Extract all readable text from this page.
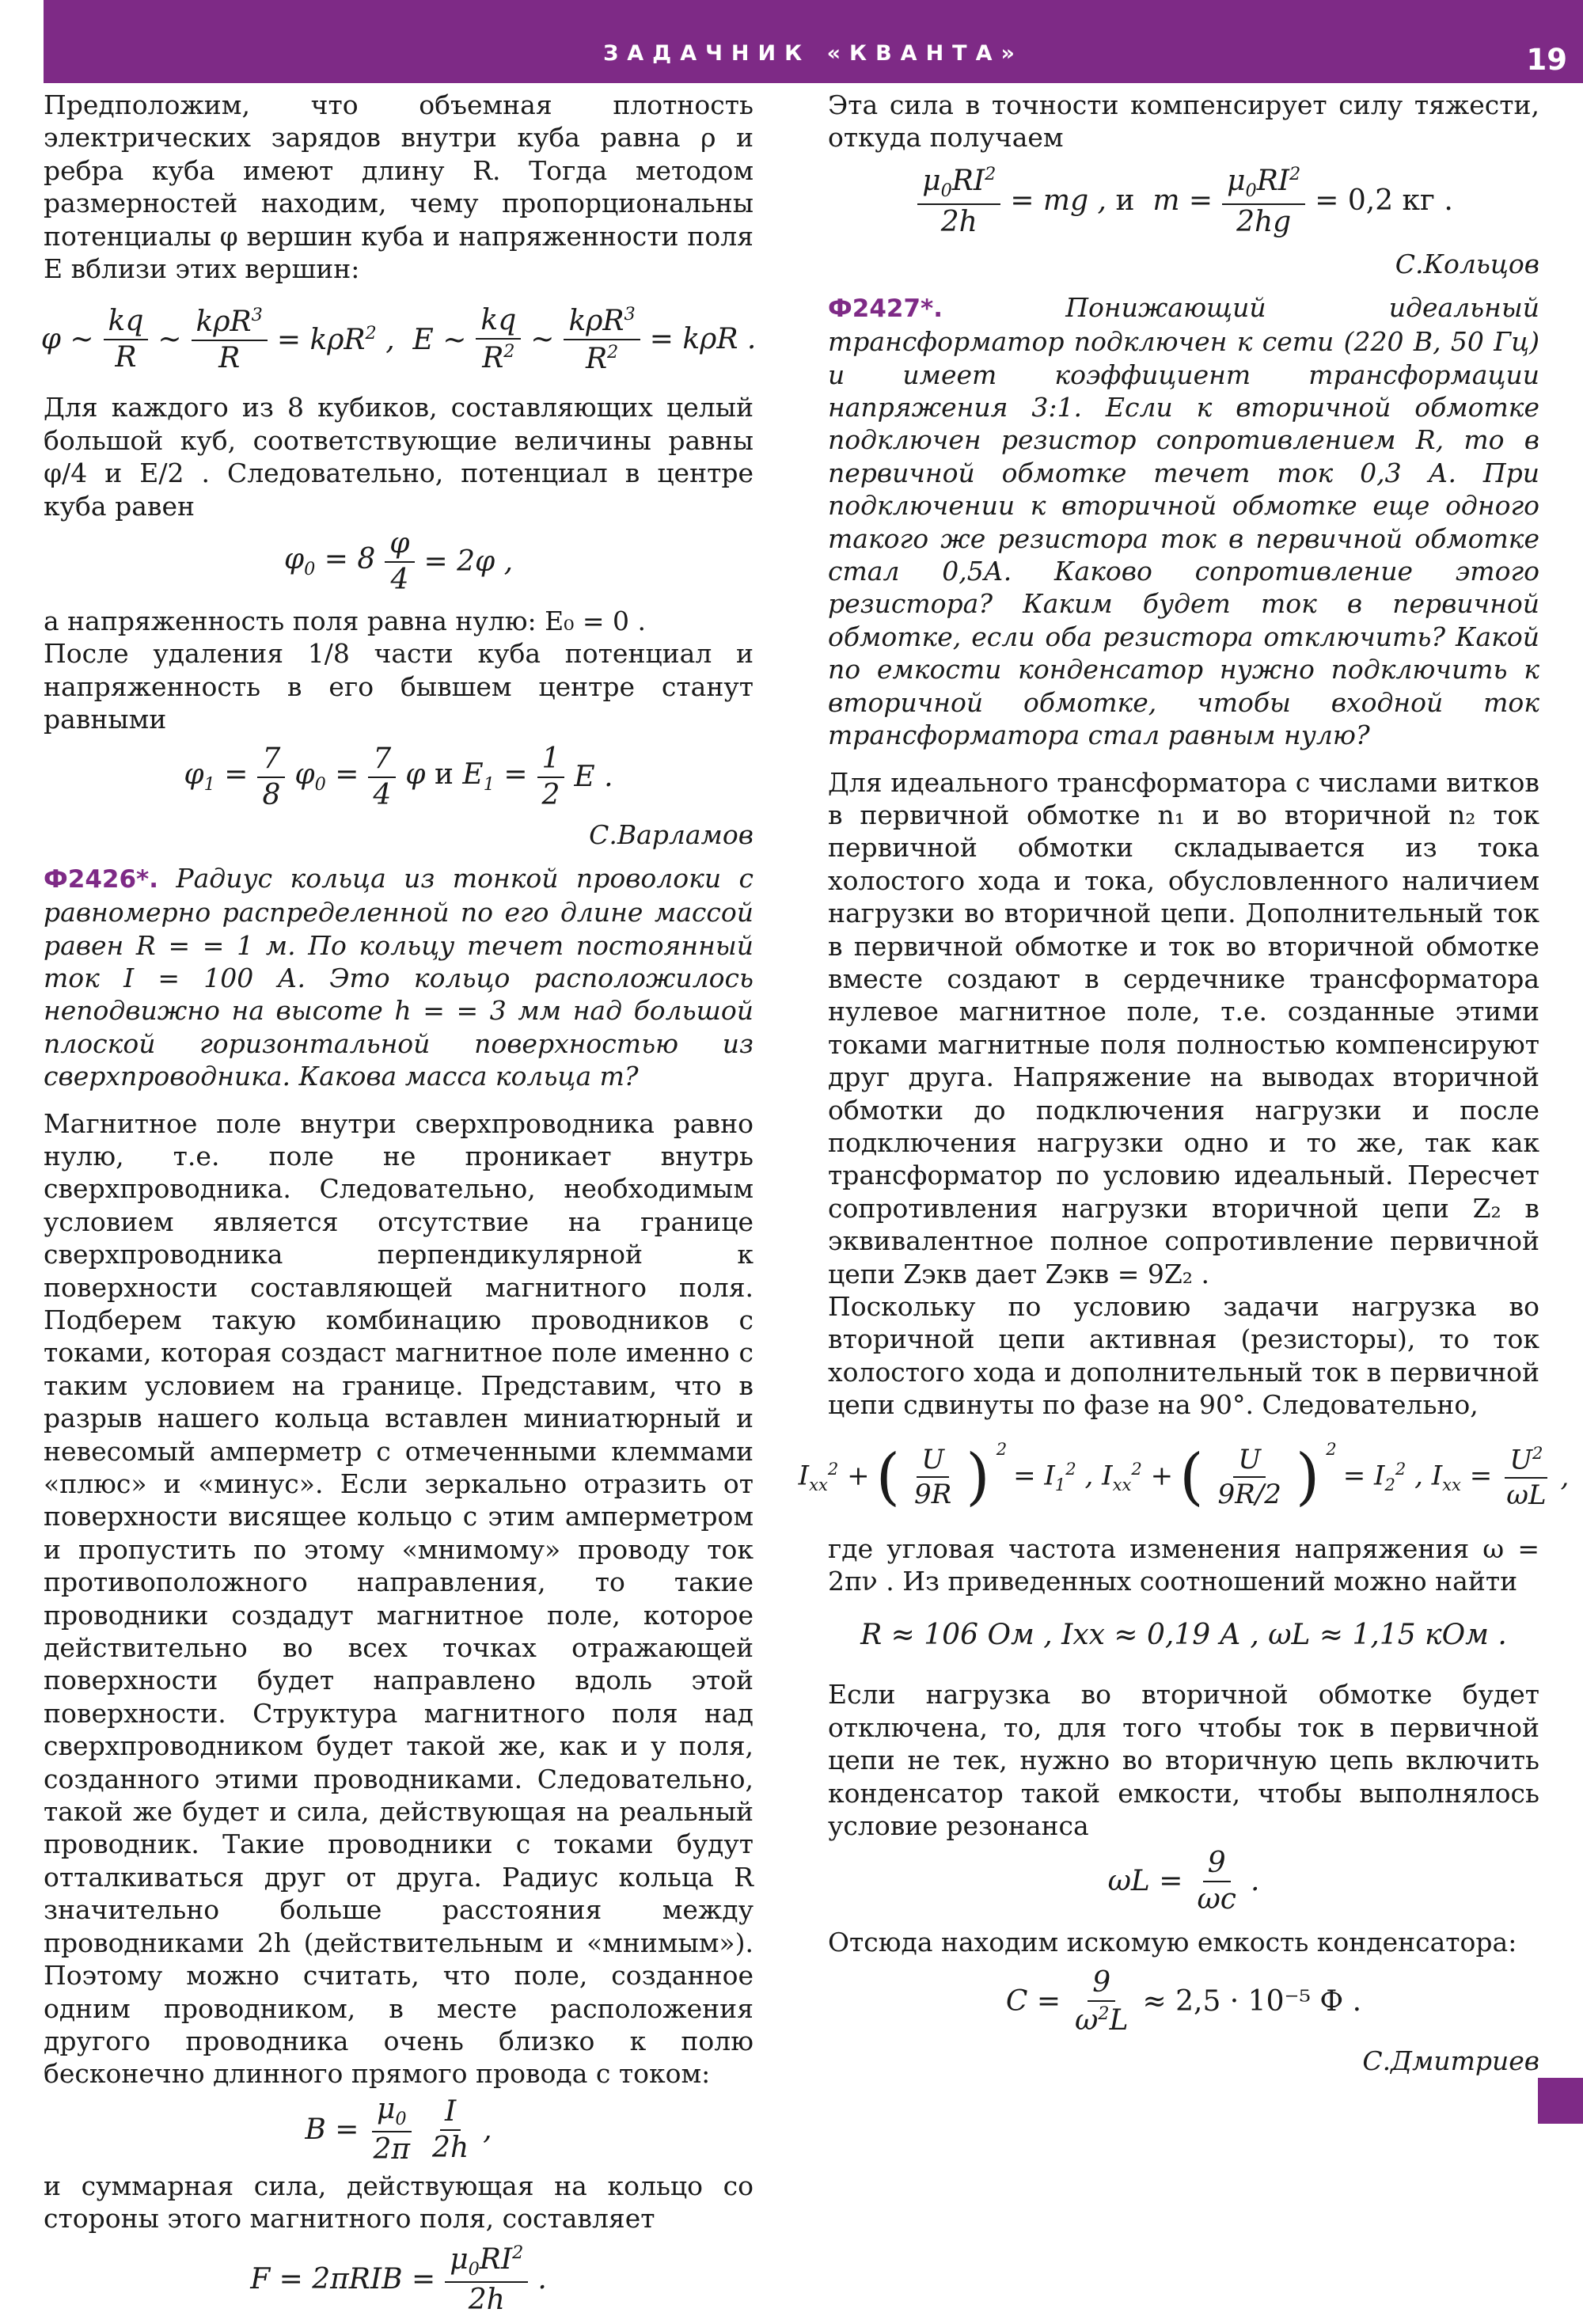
ЗАДАЧНИК «КВАНТА»	19

Предположим, что объемная плотность электрических зарядов внутри куба равна ρ и ребра куба имеют длину R. Тогда методом размерностей находим, чему пропорциональны потенциалы φ вершин куба и напряженности поля E вблизи этих вершин:

φ ~ $\frac{kq}{R}$ ~ $\frac{k\rho R^3}{R} = k\rho R^2$ ,  E ~ $\frac{kq}{R^2}$ ~ $\frac{k\rho R^3}{R^2} = k\rho R$ .

Для каждого из 8 кубиков, составляющих целый большой куб, соответствующие величины равны φ/4 и E/2 . Следовательно, потенциал в центре куба равен

$\varphi_0 = 8 \frac{\varphi}{4} = 2\varphi$ ,

а напряженность поля равна нулю: E₀ = 0 .

После удаления 1/8 части куба потенциал и напряженность в его бывшем центре станут равными

$\varphi_1 = \frac{7}{8} \varphi_0 = \frac{7}{4}$ φ и $E_1 = \frac{1}{2}$ E .

С.Варламов

Ф2426*. Радиус кольца из тонкой проволоки с равномерно распределенной по его длине массой равен R = = 1 м. По кольцу течет постоянный ток I = 100 А. Это кольцо расположилось неподвижно на высоте h = = 3 мм над большой плоской горизонтальной поверхностью из сверхпроводника. Какова масса кольца m?

Магнитное поле внутри сверхпроводника равно нулю, т.е. поле не проникает внутрь сверхпроводника. Следовательно, необходимым условием является отсутствие на границе сверхпроводника перпендикулярной к поверхности составляющей магнитного поля. Подберем такую комбинацию проводников с токами, которая создаст магнитное поле именно с таким условием на границе. Представим, что в разрыв нашего кольца вставлен миниатюрный и невесомый амперметр с отмеченными клеммами «плюс» и «минус». Если зеркально отразить от поверхности висящее кольцо с этим амперметром и пропустить по этому «мнимому» проводу ток противоположного направления, то такие проводники создадут магнитное поле, которое действительно во всех точках отражающей поверхности будет направлено вдоль этой поверхности. Структура магнитного поля над сверхпроводником будет такой же, как и у поля, созданного этими проводниками. Следовательно, такой же будет и сила, действующая на реальный проводник. Такие проводники с токами будут отталкиваться друг от друга. Радиус кольца R значительно больше расстояния между проводниками 2h (действительным и «мнимым»). Поэтому можно считать, что поле, созданное одним проводником, в месте расположения другого проводника очень близко к полю бесконечно длинного прямого провода с током:

$B = \frac{\mu_0}{2\pi} \frac{I}{2h}$ ,

и суммарная сила, действующая на кольцо со стороны этого магнитного поля, составляет

$F = 2\pi RIB = \frac{\mu_0RI^2}{2h}$ .

Эта сила в точности компенсирует силу тяжести, откуда получаем

$\frac{\mu_0RI^2}{2h}$ = mg , и  $m = \frac{\mu_0RI^2}{2hg} = 0,2$ кг .

С.Кольцов

Ф2427*.	Понижающий идеальный трансформатор подключен к сети (220 В, 50 Гц) и имеет коэффициент трансформации напряжения 3:1. Если к вторичной обмотке подключен резистор сопротивлением R, то в первичной обмотке течет ток 0,3 А. При подключении к вторичной обмотке еще одного такого же резистора ток в первичной обмотке стал 0,5А. Каково сопротивление этого резистора? Каким будет ток в первичной обмотке, если оба резистора отключить? Какой по емкости конденсатор нужно подключить к вторичной обмотке, чтобы входной ток трансформатора стал равным нулю?

Для идеального трансформатора с числами витков в первичной обмотке n₁ и во вторичной n₂ ток первичной обмотки складывается из тока холостого хода и тока, обусловленного наличием нагрузки во вторичной цепи. Дополнительный ток в первичной обмотке и ток во вторичной обмотке вместе создают в сердечнике трансформатора нулевое магнитное поле, т.е. созданные этими токами магнитные поля полностью компенсируют друг друга. Напряжение на выводах вторичной обмотки до подключения нагрузки и после подключения нагрузки одно и то же, так как трансформатор по условию идеальный. Пересчет сопротивления нагрузки вторичной цепи Z₂ в эквивалентное полное сопротивление первичной цепи Zэкв дает Zэкв = 9Z₂ .

Поскольку по условию задачи нагрузка во вторичной цепи активная (резисторы), то ток холостого хода и дополнительный ток в первичной цепи сдвинуты по фазе на 90°. Следовательно,

$I_{xx}^2$ + ( $\frac{U}{9R}$ ) $^2$
= $I_1^2$ , $I_{xx}^2$ + ( $\frac{U}{9R/2}$ ) $^2$
= $I_2^2$ , $I_{xx} = \frac{U^2}{\omega L}$ ,

где угловая частота изменения напряжения ω = 2πν . Из приведенных соотношений можно найти

R ≈ 106 Ом , Iхх ≈ 0,19 А , ωL ≈ 1,15 кОм .

Если нагрузка во вторичной обмотке будет отключена, то, для того чтобы ток в первичной цепи не тек, нужно во вторичную цепь включить конденсатор такой емкости, чтобы выполнялось условие резонанса

$\omega L = \frac{9}{\omega c}$ .

Отсюда находим искомую емкость конденсатора:

$C = \frac{9}{\omega^2L} \approx 2,5 \cdot 10^{-5}$ Ф .

С.Дмитриев
